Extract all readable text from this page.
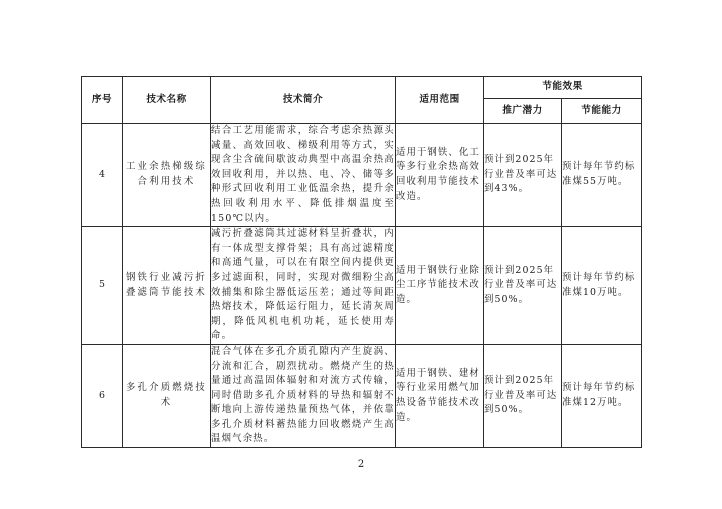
序号	技术名称	技术简介	适用范围	节能效果	
				推广潜力	节能能力
4	工业余热梯级综合利用技术	结合工艺用能需求，综合考虑余热源头减量、高效回收、梯级利用等方式，实现含尘含硫间歇波动典型中高温余热高效回收利用，并以热、电、冷、储等多种形式回收利用工业低温余热，提升余热回收利用水平、降低排烟温度至150℃以内。	适用于钢铁、化工等多行业余热高效回收利用节能技术改造。	预计到2025年行业普及率可达到43%。	预计每年节约标准煤55万吨。
5	钢铁行业减污折叠滤筒节能技术	减污折叠滤筒其过滤材料呈折叠状，内有一体成型支撑骨架；具有高过滤精度和高通气量，可以在有限空间内提供更多过滤面积，同时，实现对微细粉尘高效捕集和除尘器低运压差；通过等间距热熔技术，降低运行阻力，延长清灰周期，降低风机电机功耗，延长使用寿命。	适用于钢铁行业除尘工序节能技术改造。	预计到2025年行业普及率可达到50%。	预计每年节约标准煤10万吨。
6	多孔介质燃烧技术	混合气体在多孔介质孔隙内产生旋涡、分流和汇合，剧烈扰动。燃烧产生的热量通过高温固体辐射和对流方式传输，同时借助多孔介质材料的导热和辐射不断地向上游传递热量预热气体，并依靠多孔介质材料蓄热能力回收燃烧产生高温烟气余热。	适用于钢铁、建材等行业采用燃气加热设备节能技术改造。	预计到2025年行业普及率可达到50%。	预计每年节约标准煤12万吨。
2
